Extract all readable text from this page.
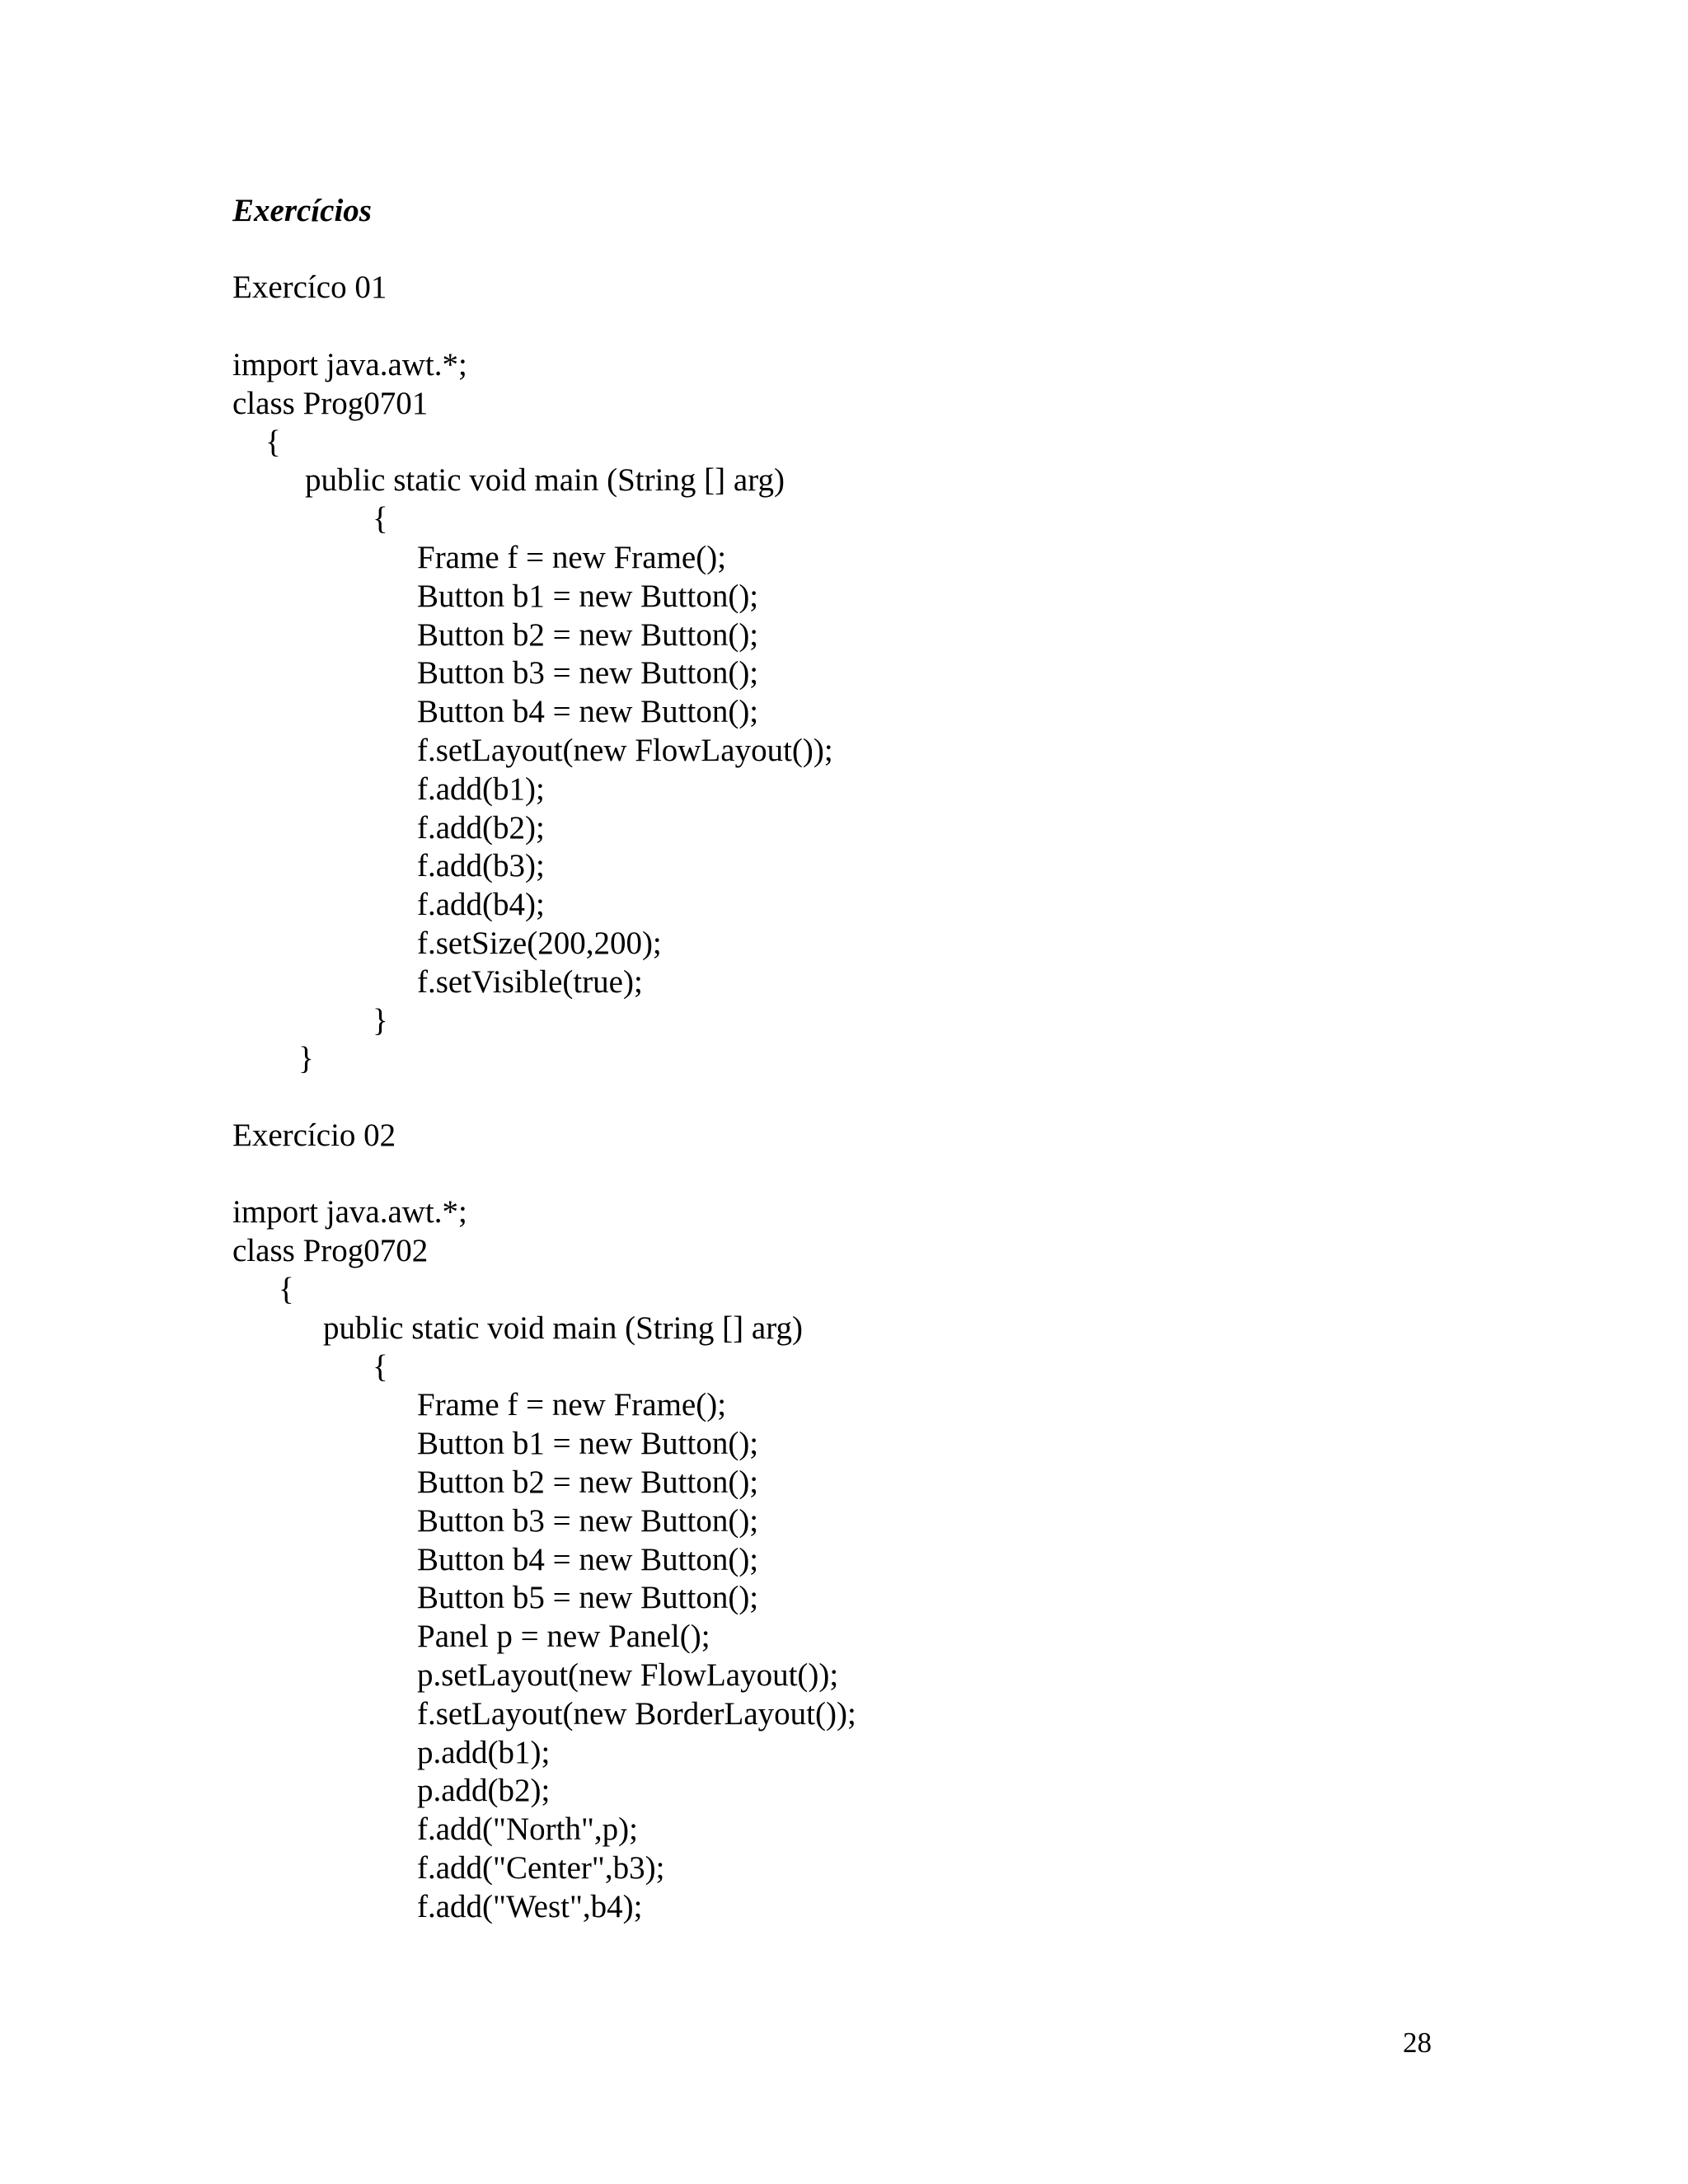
Exercícios
Exercíco 01
import java.awt.*;
class Prog0701
{
public static void main (String [] arg)
{
Frame f = new Frame();
Button b1 = new Button();
Button b2 = new Button();
Button b3 = new Button();
Button b4 = new Button();
f.setLayout(new FlowLayout());
f.add(b1);
f.add(b2);
f.add(b3);
f.add(b4);
f.setSize(200,200);
f.setVisible(true);
}
}
Exercício 02
import java.awt.*;
class Prog0702
{
public static void main (String [] arg)
{
Frame f = new Frame();
Button b1 = new Button();
Button b2 = new Button();
Button b3 = new Button();
Button b4 = new Button();
Button b5 = new Button();
Panel p = new Panel();
p.setLayout(new FlowLayout());
f.setLayout(new BorderLayout());
p.add(b1);
p.add(b2);
f.add("North",p);
f.add("Center",b3);
f.add("West",b4);
28
